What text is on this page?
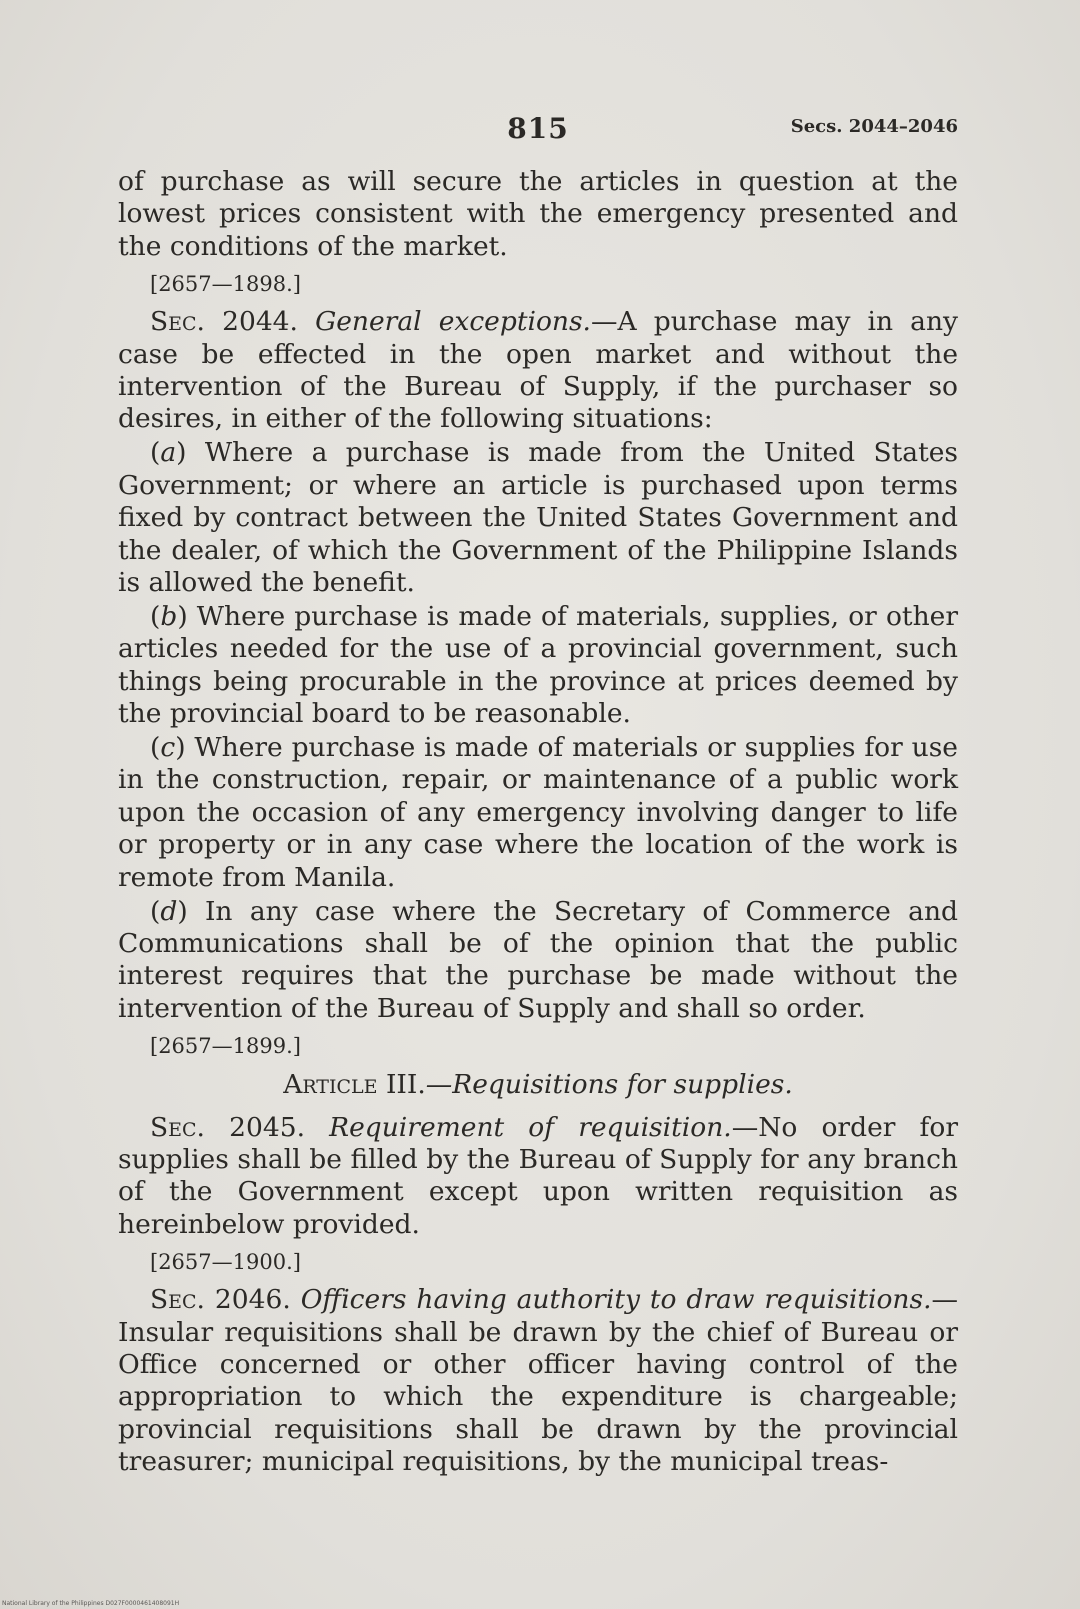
815	Secs. 2044–2046

of purchase as will secure the articles in question at the lowest prices consistent with the emergency presented and the conditions of the market.

[2657—1898.]

Sec. 2044. General exceptions.—A purchase may in any case be effected in the open market and without the intervention of the Bureau of Supply, if the purchaser so desires, in either of the following situations:

(a) Where a purchase is made from the United States Government; or where an article is purchased upon terms fixed by contract between the United States Government and the dealer, of which the Government of the Philippine Islands is allowed the benefit.

(b) Where purchase is made of materials, supplies, or other articles needed for the use of a provincial government, such things being procurable in the province at prices deemed by the provincial board to be reasonable.

(c) Where purchase is made of materials or supplies for use in the construction, repair, or maintenance of a public work upon the occasion of any emergency involving danger to life or property or in any case where the location of the work is remote from Manila.

(d) In any case where the Secretary of Commerce and Communications shall be of the opinion that the public interest requires that the purchase be made without the intervention of the Bureau of Supply and shall so order.

[2657—1899.]

Article III.—Requisitions for supplies.

Sec. 2045. Requirement of requisition.—No order for supplies shall be filled by the Bureau of Supply for any branch of the Government except upon written requisition as hereinbelow provided.

[2657—1900.]

Sec. 2046. Officers having authority to draw requisitions.—Insular requisitions shall be drawn by the chief of Bureau or Office concerned or other officer having control of the appropriation to which the expenditure is chargeable; provincial requisitions shall be drawn by the provincial treasurer; municipal requisitions, by the municipal treas-

National Library of the Philippines D027F0000461408091H
